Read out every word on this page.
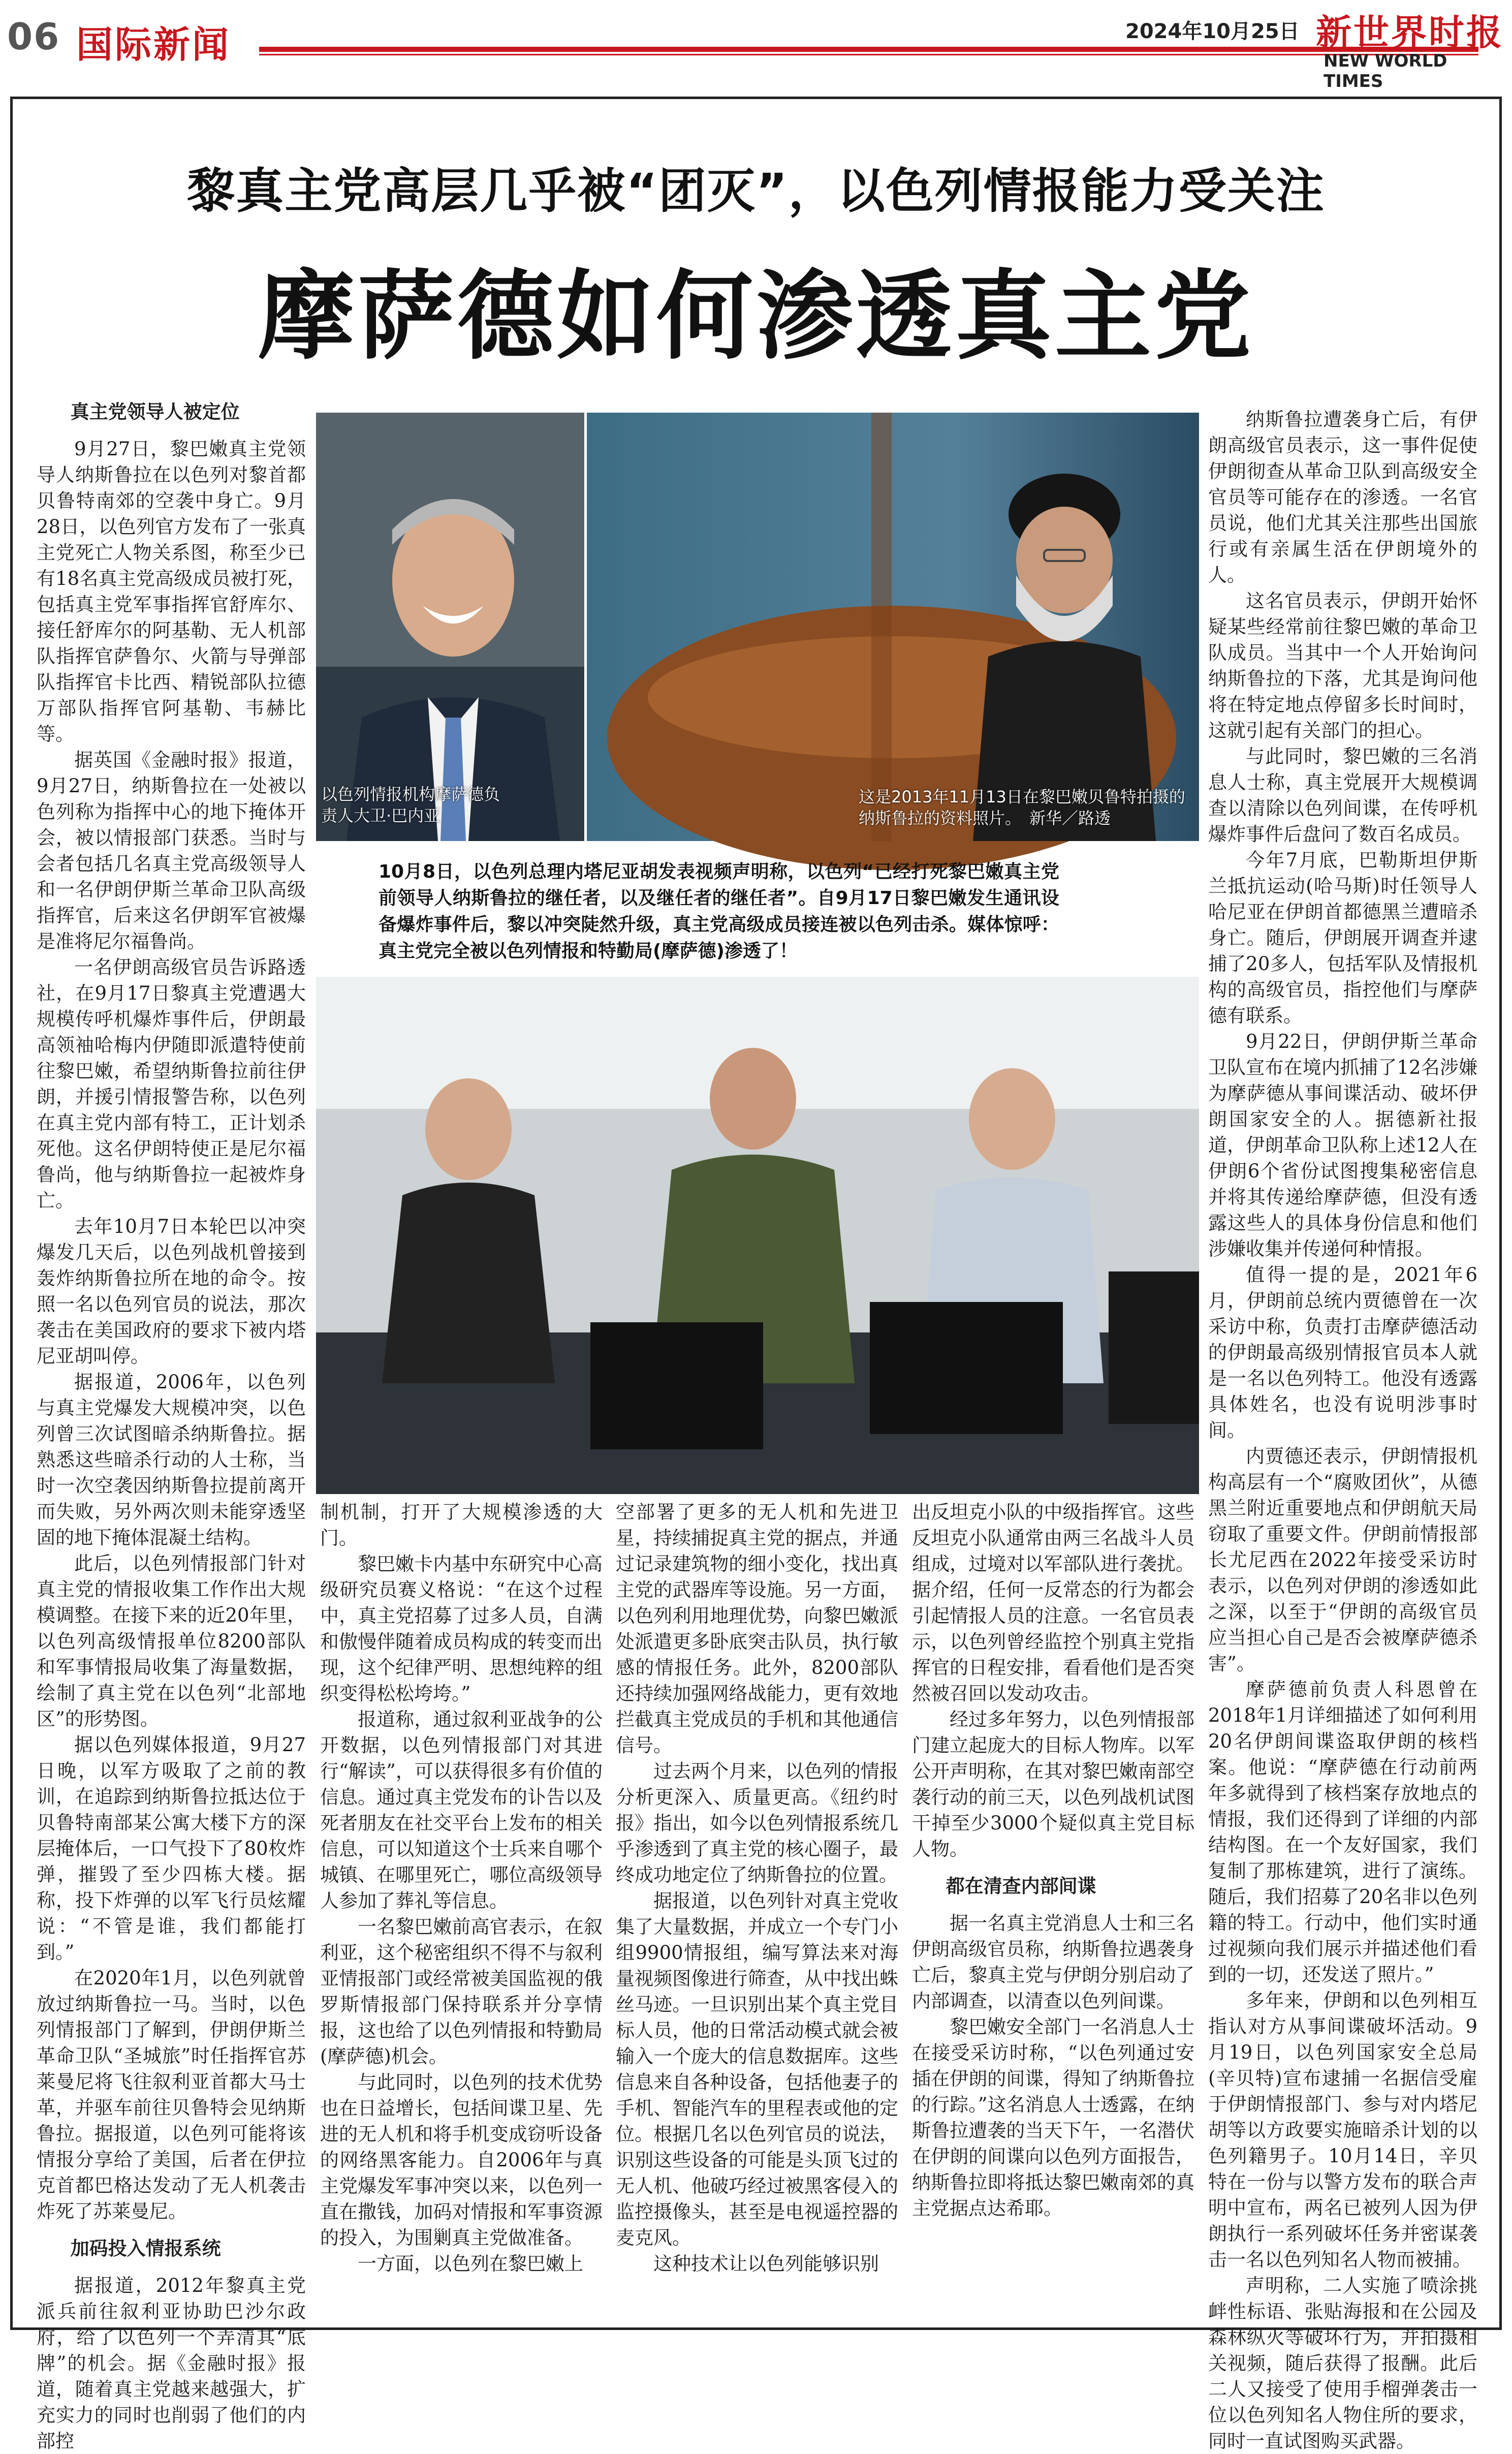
06 国际新闻	2024年10月25日 新世界时报
NEW WORLD TIMES
黎真主党高层几乎被“团灭”，以色列情报能力受关注
摩萨德如何渗透真主党
以色列情报机构摩萨德负责人大卫·巴内亚
这是2013年11月13日在黎巴嫩贝鲁特拍摄的纳斯鲁拉的资料照片。　新华／路透
10月8日，以色列总理内塔尼亚胡发表视频声明称，以色列“已经打死黎巴嫩真主党前领导人纳斯鲁拉的继任者，以及继任者的继任者”。自9月17日黎巴嫩发生通讯设备爆炸事件后，黎以冲突陡然升级，真主党高级成员接连被以色列击杀。媒体惊呼：真主党完全被以色列情报和特勤局(摩萨德)渗透了！
真主党领导人被定位

9月27日，黎巴嫩真主党领导人纳斯鲁拉在以色列对黎首都贝鲁特南郊的空袭中身亡。9月28日，以色列官方发布了一张真主党死亡人物关系图，称至少已有18名真主党高级成员被打死，包括真主党军事指挥官舒库尔、接任舒库尔的阿基勒、无人机部队指挥官萨鲁尔、火箭与导弹部队指挥官卡比西、精锐部队拉德万部队指挥官阿基勒、韦赫比等。

据英国《金融时报》报道，9月27日，纳斯鲁拉在一处被以色列称为指挥中心的地下掩体开会，被以情报部门获悉。当时与会者包括几名真主党高级领导人和一名伊朗伊斯兰革命卫队高级指挥官，后来这名伊朗军官被爆是准将尼尔福鲁尚。

一名伊朗高级官员告诉路透社，在9月17日黎真主党遭遇大规模传呼机爆炸事件后，伊朗最高领袖哈梅内伊随即派遣特使前往黎巴嫩，希望纳斯鲁拉前往伊朗，并援引情报警告称，以色列在真主党内部有特工，正计划杀死他。这名伊朗特使正是尼尔福鲁尚，他与纳斯鲁拉一起被炸身亡。

去年10月7日本轮巴以冲突爆发几天后，以色列战机曾接到轰炸纳斯鲁拉所在地的命令。按照一名以色列官员的说法，那次袭击在美国政府的要求下被内塔尼亚胡叫停。

据报道，2006年，以色列与真主党爆发大规模冲突，以色列曾三次试图暗杀纳斯鲁拉。据熟悉这些暗杀行动的人士称，当时一次空袭因纳斯鲁拉提前离开而失败，另外两次则未能穿透坚固的地下掩体混凝土结构。

此后，以色列情报部门针对真主党的情报收集工作作出大规模调整。在接下来的近20年里，以色列高级情报单位8200部队和军事情报局收集了海量数据，绘制了真主党在以色列“北部地区”的形势图。

据以色列媒体报道，9月27日晚，以军方吸取了之前的教训，在追踪到纳斯鲁拉抵达位于贝鲁特南部某公寓大楼下方的深层掩体后，一口气投下了80枚炸弹，摧毁了至少四栋大楼。据称，投下炸弹的以军飞行员炫耀说：“不管是谁，我们都能打到。”

在2020年1月，以色列就曾放过纳斯鲁拉一马。当时，以色列情报部门了解到，伊朗伊斯兰革命卫队“圣城旅”时任指挥官苏莱曼尼将飞往叙利亚首都大马士革，并驱车前往贝鲁特会见纳斯鲁拉。据报道，以色列可能将该情报分享给了美国，后者在伊拉克首都巴格达发动了无人机袭击炸死了苏莱曼尼。

加码投入情报系统

据报道，2012年黎真主党派兵前往叙利亚协助巴沙尔政府，给了以色列一个弄清其“底牌”的机会。据《金融时报》报道，随着真主党越来越强大，扩充实力的同时也削弱了他们的内部控

制机制，打开了大规模渗透的大门。

黎巴嫩卡内基中东研究中心高级研究员赛义格说：“在这个过程中，真主党招募了过多人员，自满和傲慢伴随着成员构成的转变而出现，这个纪律严明、思想纯粹的组织变得松松垮垮。”

报道称，通过叙利亚战争的公开数据，以色列情报部门对其进行“解读”，可以获得很多有价值的信息。通过真主党发布的讣告以及死者朋友在社交平台上发布的相关信息，可以知道这个士兵来自哪个城镇、在哪里死亡，哪位高级领导人参加了葬礼等信息。

一名黎巴嫩前高官表示，在叙利亚，这个秘密组织不得不与叙利亚情报部门或经常被美国监视的俄罗斯情报部门保持联系并分享情报，这也给了以色列情报和特勤局(摩萨德)机会。

与此同时，以色列的技术优势也在日益增长，包括间谍卫星、先进的无人机和将手机变成窃听设备的网络黑客能力。自2006年与真主党爆发军事冲突以来，以色列一直在撒钱，加码对情报和军事资源的投入，为围剿真主党做准备。

一方面，以色列在黎巴嫩上

空部署了更多的无人机和先进卫星，持续捕捉真主党的据点，并通过记录建筑物的细小变化，找出真主党的武器库等设施。另一方面，以色列利用地理优势，向黎巴嫩派处派遣更多卧底突击队员，执行敏感的情报任务。此外，8200部队还持续加强网络战能力，更有效地拦截真主党成员的手机和其他通信信号。

过去两个月来，以色列的情报分析更深入、质量更高。《纽约时报》指出，如今以色列情报系统几乎渗透到了真主党的核心圈子，最终成功地定位了纳斯鲁拉的位置。

据报道，以色列针对真主党收集了大量数据，并成立一个专门小组9900情报组，编写算法来对海量视频图像进行筛查，从中找出蛛丝马迹。一旦识别出某个真主党目标人员，他的日常活动模式就会被输入一个庞大的信息数据库。这些信息来自各种设备，包括他妻子的手机、智能汽车的里程表或他的定位。根据几名以色列官员的说法，识别这些设备的可能是头顶飞过的无人机、他破巧经过被黑客侵入的监控摄像头，甚至是电视遥控器的麦克风。

这种技术让以色列能够识别

出反坦克小队的中级指挥官。这些反坦克小队通常由两三名战斗人员组成，过境对以军部队进行袭扰。据介绍，任何一反常态的行为都会引起情报人员的注意。一名官员表示，以色列曾经监控个别真主党指挥官的日程安排，看看他们是否突然被召回以发动攻击。

经过多年努力，以色列情报部门建立起庞大的目标人物库。以军公开声明称，在其对黎巴嫩南部空袭行动的前三天，以色列战机试图干掉至少3000个疑似真主党目标人物。

都在清查内部间谍

据一名真主党消息人士和三名伊朗高级官员称，纳斯鲁拉遇袭身亡后，黎真主党与伊朗分别启动了内部调查，以清查以色列间谍。

黎巴嫩安全部门一名消息人士在接受采访时称，“以色列通过安插在伊朗的间谍，得知了纳斯鲁拉的行踪。”这名消息人士透露，在纳斯鲁拉遭袭的当天下午，一名潜伏在伊朗的间谍向以色列方面报告，纳斯鲁拉即将抵达黎巴嫩南郊的真主党据点达希耶。

纳斯鲁拉遭袭身亡后，有伊朗高级官员表示，这一事件促使伊朗彻查从革命卫队到高级安全官员等可能存在的渗透。一名官员说，他们尤其关注那些出国旅行或有亲属生活在伊朗境外的人。

这名官员表示，伊朗开始怀疑某些经常前往黎巴嫩的革命卫队成员。当其中一个人开始询问纳斯鲁拉的下落，尤其是询问他将在特定地点停留多长时间时，这就引起有关部门的担心。

与此同时，黎巴嫩的三名消息人士称，真主党展开大规模调查以清除以色列间谍，在传呼机爆炸事件后盘问了数百名成员。

今年7月底，巴勒斯坦伊斯兰抵抗运动(哈马斯)时任领导人哈尼亚在伊朗首都德黑兰遭暗杀身亡。随后，伊朗展开调查并逮捕了20多人，包括军队及情报机构的高级官员，指控他们与摩萨德有联系。

9月22日，伊朗伊斯兰革命卫队宣布在境内抓捕了12名涉嫌为摩萨德从事间谍活动、破坏伊朗国家安全的人。据德新社报道，伊朗革命卫队称上述12人在伊朗6个省份试图搜集秘密信息并将其传递给摩萨德，但没有透露这些人的具体身份信息和他们涉嫌收集并传递何种情报。

值得一提的是，2021年6月，伊朗前总统内贾德曾在一次采访中称，负责打击摩萨德活动的伊朗最高级别情报官员本人就是一名以色列特工。他没有透露具体姓名，也没有说明涉事时间。

内贾德还表示，伊朗情报机构高层有一个“腐败团伙”，从德黑兰附近重要地点和伊朗航天局窃取了重要文件。伊朗前情报部长尤尼西在2022年接受采访时表示，以色列对伊朗的渗透如此之深，以至于“伊朗的高级官员应当担心自己是否会被摩萨德杀害”。

摩萨德前负责人科恩曾在2018年1月详细描述了如何利用20名伊朗间谍盗取伊朗的核档案。他说：“摩萨德在行动前两年多就得到了核档案存放地点的情报，我们还得到了详细的内部结构图。在一个友好国家，我们复制了那栋建筑，进行了演练。随后，我们招募了20名非以色列籍的特工。行动中，他们实时通过视频向我们展示并描述他们看到的一切，还发送了照片。”

多年来，伊朗和以色列相互指认对方从事间谍破坏活动。9月19日，以色列国家安全总局(辛贝特)宣布逮捕一名据信受雇于伊朗情报部门、参与对内塔尼胡等以方政要实施暗杀计划的以色列籍男子。10月14日，辛贝特在一份与以警方发布的联合声明中宣布，两名已被列人因为伊朗执行一系列破坏任务并密谋袭击一名以色列知名人物而被捕。

声明称，二人实施了喷涂挑衅性标语、张贴海报和在公园及森林纵火等破坏行为，并拍摄相关视频，随后获得了报酬。此后二人又接受了使用手榴弹袭击一位以色列知名人物住所的要求，同时一直试图购买武器。
